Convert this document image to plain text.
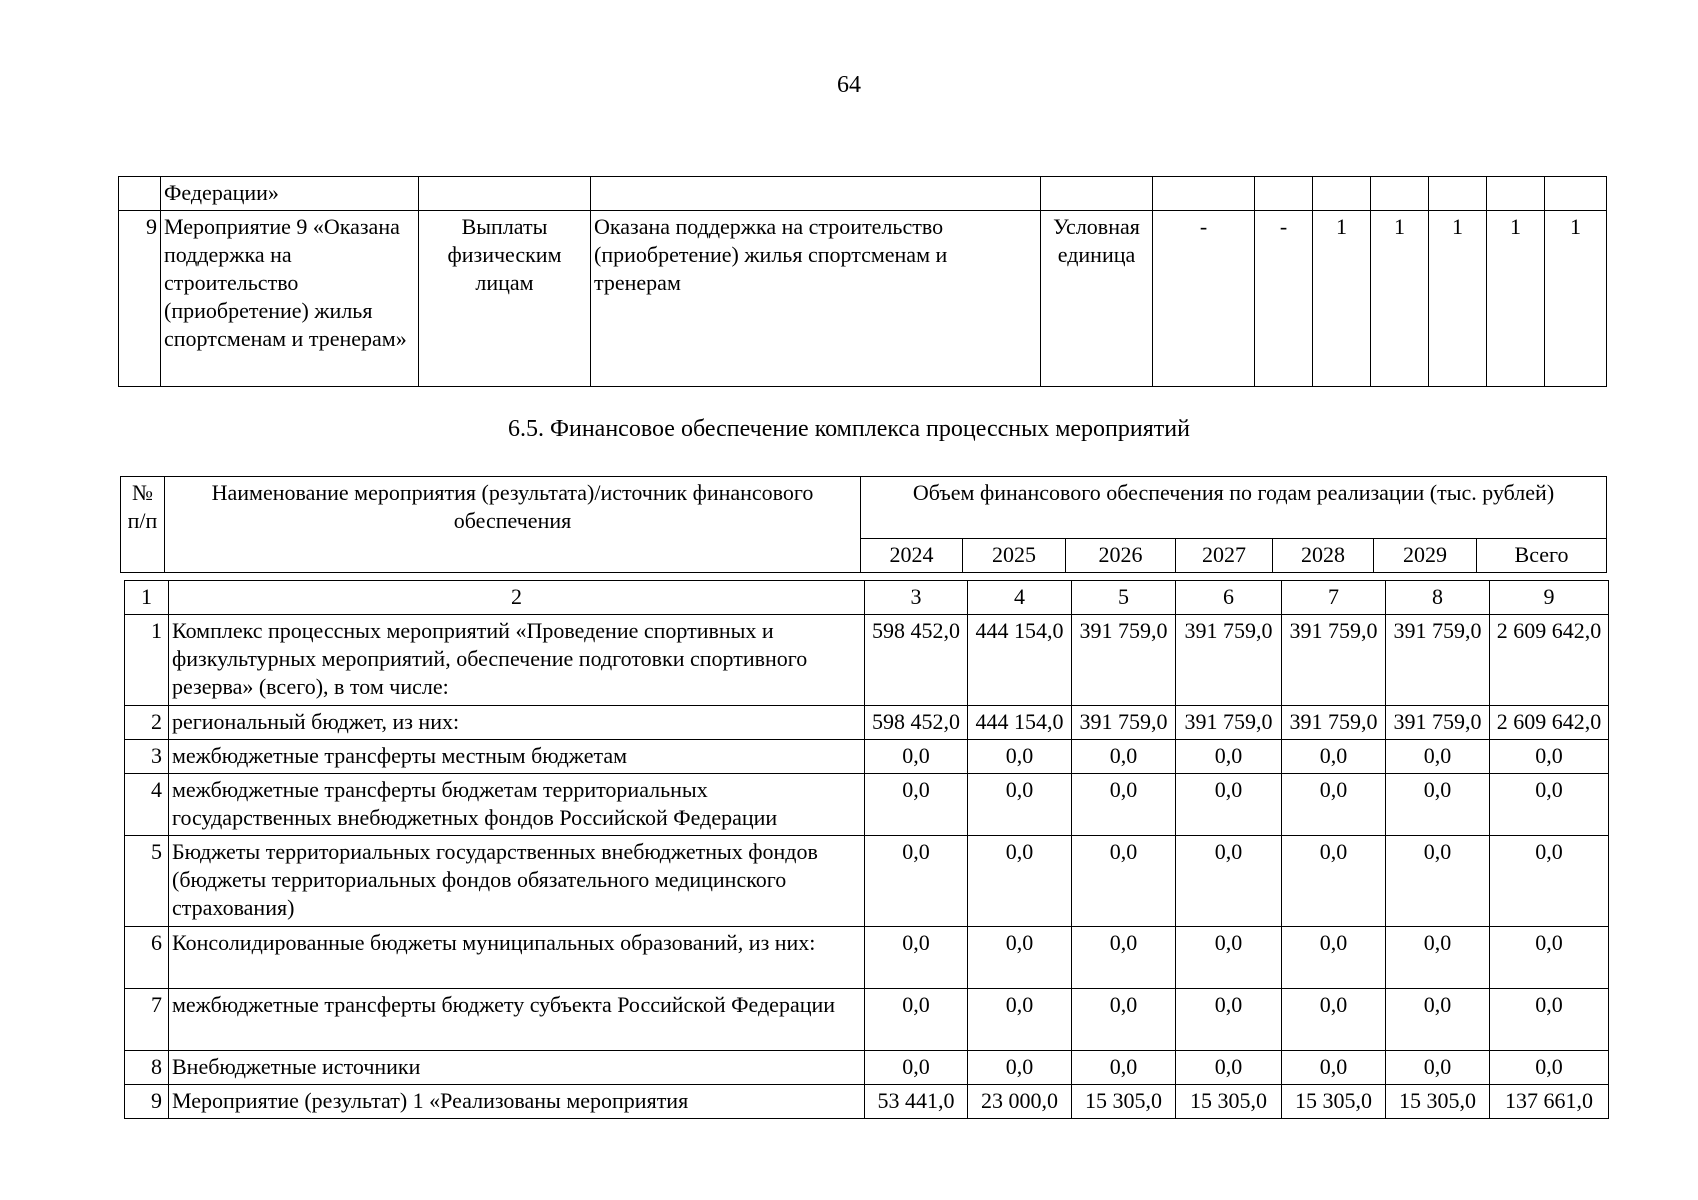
64
	Федерации»										
9	Мероприятие 9 «Оказана поддержка на строительство (приобретение) жилья спортсменам и тренерам»	Выплаты физическим лицам	Оказана поддержка на строительство (приобретение) жилья спортсменам и тренерам	Условная единица	-	-	1	1	1	1	1
6.5. Финансовое обеспечение комплекса процессных мероприятий
№ п/п	Наименование мероприятия (результата)/источник финансового обеспечения	Объем финансового обеспечения по годам реализации (тыс. рублей)						
		2024	2025	2026	2027	2028	2029	Всего
1	2	3	4	5	6	7	8	9
1	Комплекс процессных мероприятий «Проведение спортивных и физкультурных мероприятий, обеспечение подготовки спортивного резерва» (всего), в том числе:	598 452,0	444 154,0	391 759,0	391 759,0	391 759,0	391 759,0	2 609 642,0
2	региональный бюджет, из них:	598 452,0	444 154,0	391 759,0	391 759,0	391 759,0	391 759,0	2 609 642,0
3	межбюджетные трансферты местным бюджетам	0,0	0,0	0,0	0,0	0,0	0,0	0,0
4	межбюджетные трансферты бюджетам территориальных государственных внебюджетных фондов Российской Федерации	0,0	0,0	0,0	0,0	0,0	0,0	0,0
5	Бюджеты территориальных государственных внебюджетных фондов (бюджеты территориальных фондов обязательного медицинского страхования)	0,0	0,0	0,0	0,0	0,0	0,0	0,0
6	Консолидированные бюджеты муниципальных образований, из них:	0,0	0,0	0,0	0,0	0,0	0,0	0,0
7	межбюджетные трансферты бюджету субъекта Российской Федерации	0,0	0,0	0,0	0,0	0,0	0,0	0,0
8	Внебюджетные источники	0,0	0,0	0,0	0,0	0,0	0,0	0,0
9	Мероприятие (результат) 1 «Реализованы мероприятия	53 441,0	23 000,0	15 305,0	15 305,0	15 305,0	15 305,0	137 661,0
